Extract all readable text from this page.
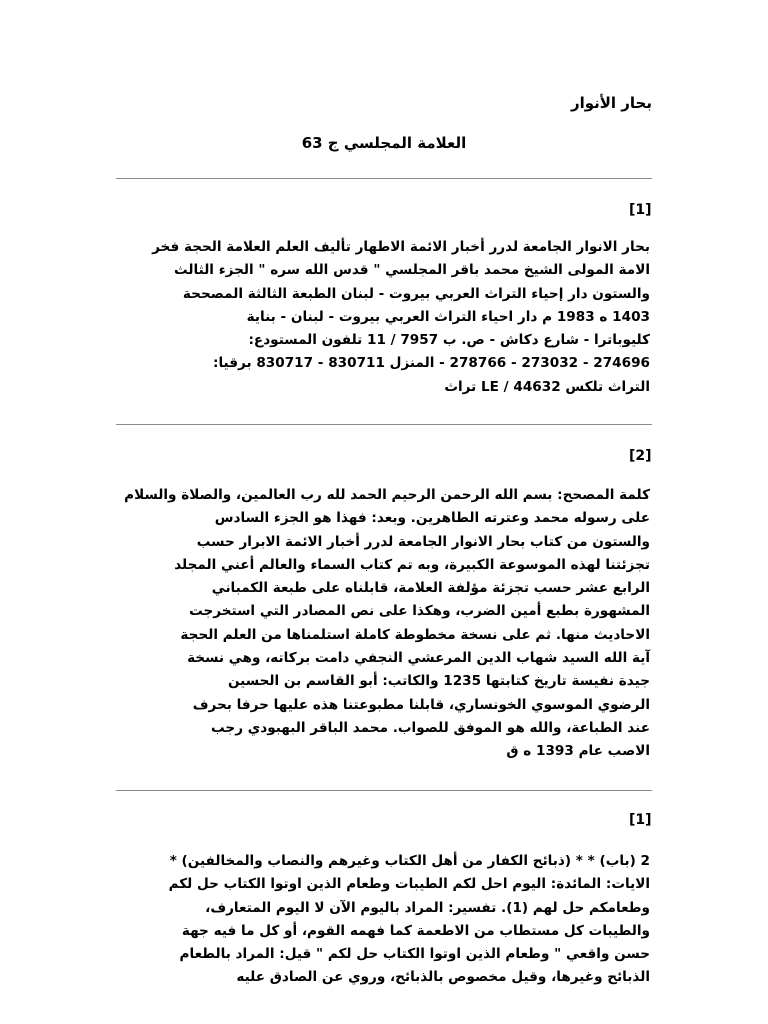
بحار الأنوار
العلامة المجلسي ج 63
[1]
بحار الانوار الجامعة لدرر أخبار الائمة الاطهار تأليف العلم العلامة الحجة فخر
الامة المولى الشيخ محمد باقر المجلسي " قدس الله سره " الجزء الثالث
والستون دار إحياء التراث العربي بيروت - لبنان الطبعة الثالثة المصححة
1403 ه 1983 م دار احياء التراث العربي بيروت - لبنان - بناية
كليوباترا - شارع دكاش - ص. ب 7957 / 11 تلفون المستودع:
274696 - 273032 - 278766 - المنزل 830711 - 830717 برقيا:
التراث تلكس LE / 44632 تراث
[2]
كلمة المصحح: بسم الله الرحمن الرحيم الحمد لله رب العالمين، والصلاة والسلام
على رسوله محمد وعترته الطاهرين. وبعد: فهذا هو الجزء السادس
والستون من كتاب بحار الانوار الجامعة لدرر أخبار الائمة الابرار حسب
تجزئتنا لهذه الموسوعة الكبيرة، وبه تم كتاب السماء والعالم أعني المجلد
الرابع عشر حسب تجزئة مؤلفة العلامة، قابلناه على طبعة الكمباني
المشهورة بطبع أمين الضرب، وهكذا على نص المصادر التي استخرجت
الاحاديث منها. ثم على نسخة مخطوطة كاملة استلمناها من العلم الحجة
آية الله السيد شهاب الدين المرعشي النجفي دامت بركاته، وهي نسخة
جيدة نفيسة تاريخ كتابتها 1235 والكاتب: أبو القاسم بن الحسين
الرضوي الموسوي الخونساري، قابلنا مطبوعتنا هذه عليها حرفا بحرف
عند الطباعة، والله هو الموفق للصواب. محمد الباقر البهبودي رجب
الاصب عام 1393 ه ق
[1]
2 (باب) * * (ذبائح الكفار من أهل الكتاب وغيرهم والنصاب والمخالفين) *
الايات: المائدة: اليوم احل لكم الطيبات وطعام الذين اوتوا الكتاب حل لكم
وطعامكم حل لهم (1). تفسير: المراد باليوم الآن لا اليوم المتعارف،
والطيبات كل مستطاب من الاطعمة كما فهمه القوم، أو كل ما فيه جهة
حسن واقعي " وطعام الذين اوتوا الكتاب حل لكم " قيل: المراد بالطعام
الذبائح وغيرها، وقيل مخصوص بالذبائح، وروي عن الصادق عليه
